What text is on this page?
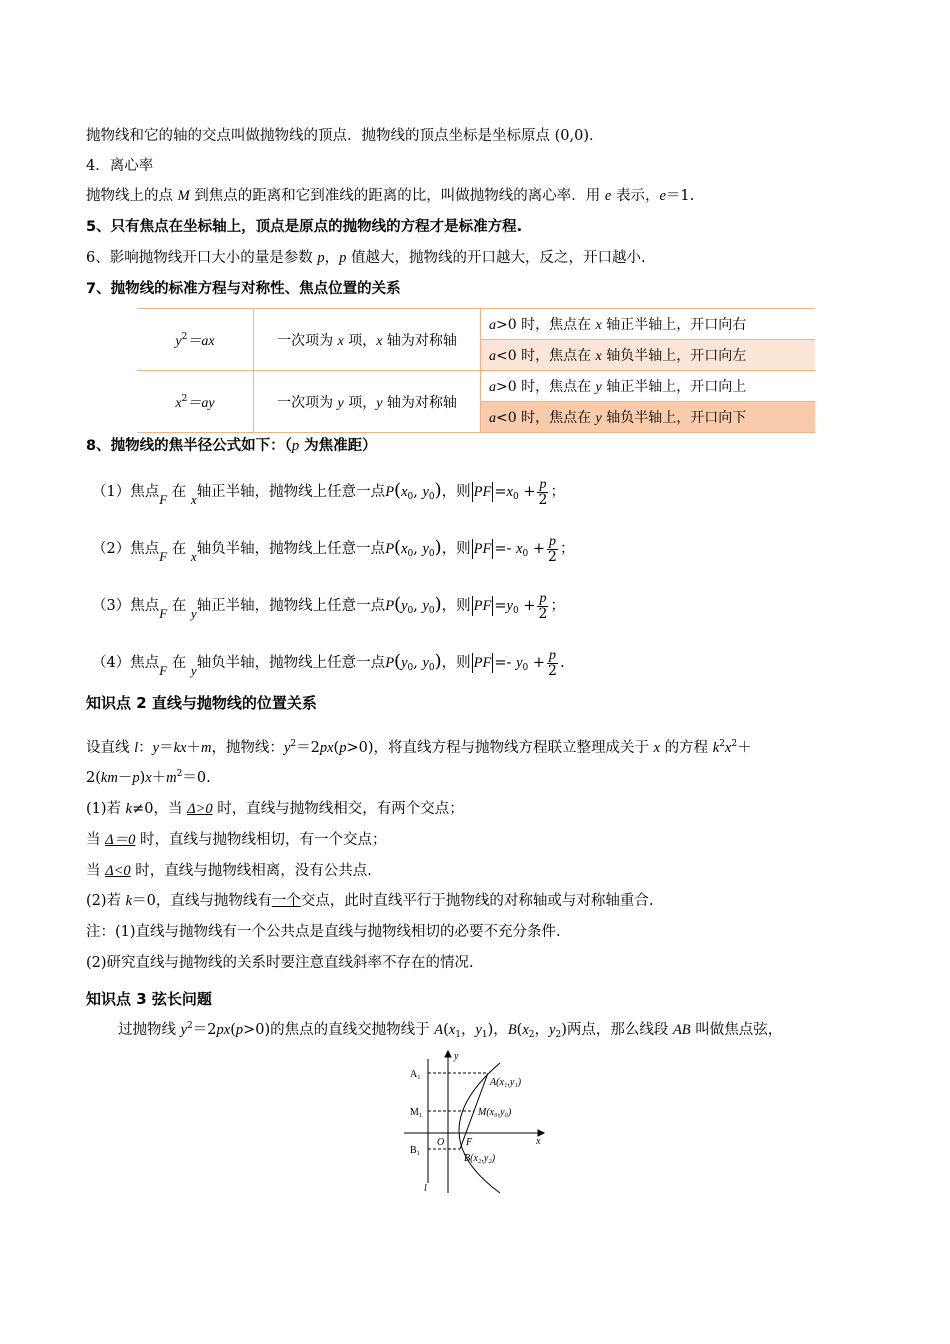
抛物线和它的轴的交点叫做抛物线的顶点．抛物线的顶点坐标是坐标原点 (0,0)．
4．离心率
抛物线上的点 M 到焦点的距离和它到准线的距离的比，叫做抛物线的离心率．用 e 表示，e＝1.
5、只有焦点在坐标轴上，顶点是原点的抛物线的方程才是标准方程.
6、影响抛物线开口大小的量是参数 p，p 值越大，抛物线的开口越大，反之，开口越小.
7、抛物线的标准方程与对称性、焦点位置的关系
$y^2=ax$	一次项为 x 项，x 轴为对称轴	a>0 时，焦点在 x 轴正半轴上，开口向右
		a<0 时，焦点在 x 轴负半轴上，开口向左
$x^2=ay$	一次项为 y 项，y 轴为对称轴	a>0 时，焦点在 y 轴正半轴上，开口向上
		a<0 时，焦点在 y 轴负半轴上，开口向下
8、抛物线的焦半径公式如下：（p 为焦准距）
（1）焦点F 在 x轴正半轴，抛物线上任意一点$P(x_0$, $y_0$)，则 PF $=x_0 + \frac{p}{2}$ ；
（2）焦点F 在 x轴负半轴，抛物线上任意一点$P(x_0$, $y_0$)，则 PF =- $x_0 + \frac{p}{2}$ ；
（3）焦点F 在 y轴正半轴，抛物线上任意一点$P(y_0$, $y_0$)，则 PF $=y_0 + \frac{p}{2}$ ；
（4）焦点F 在 y轴负半轴，抛物线上任意一点$P(y_0$, $y_0$)，则 PF =- $y_0 + \frac{p}{2}$ .
知识点 2 直线与抛物线的位置关系
设直线 l：y＝kx＋m，抛物线：$y^2=2px(p>0)$，将直线方程与抛物线方程联立整理成关于 x 的方程 $k^2x^2+$
$2(km-p)x+m^2=0$.
(1)若 k≠0，当 Δ>0 时，直线与抛物线相交，有两个交点；
当 Δ＝0 时，直线与抛物线相切，有一个交点；
当 Δ<0 时，直线与抛物线相离，没有公共点.
(2)若 k＝0，直线与抛物线有一个交点，此时直线平行于抛物线的对称轴或与对称轴重合.
注：(1)直线与抛物线有一个公共点是直线与抛物线相切的必要不充分条件.
(2)研究直线与抛物线的关系时要注意直线斜率不存在的情况.
知识点 3 弦长问题
过抛物线 $y^2=2px(p>0)$的焦点的直线交抛物线于 $A(x_1$，$y_1$)，$B(x_2$，$y_2$)两点，那么线段 AB 叫做焦点弦，
y
x
O F
A₁
M₁
B₁
l
A(x₁,y₁)
M(x₀,y₀)
B(x₂,y₂)
